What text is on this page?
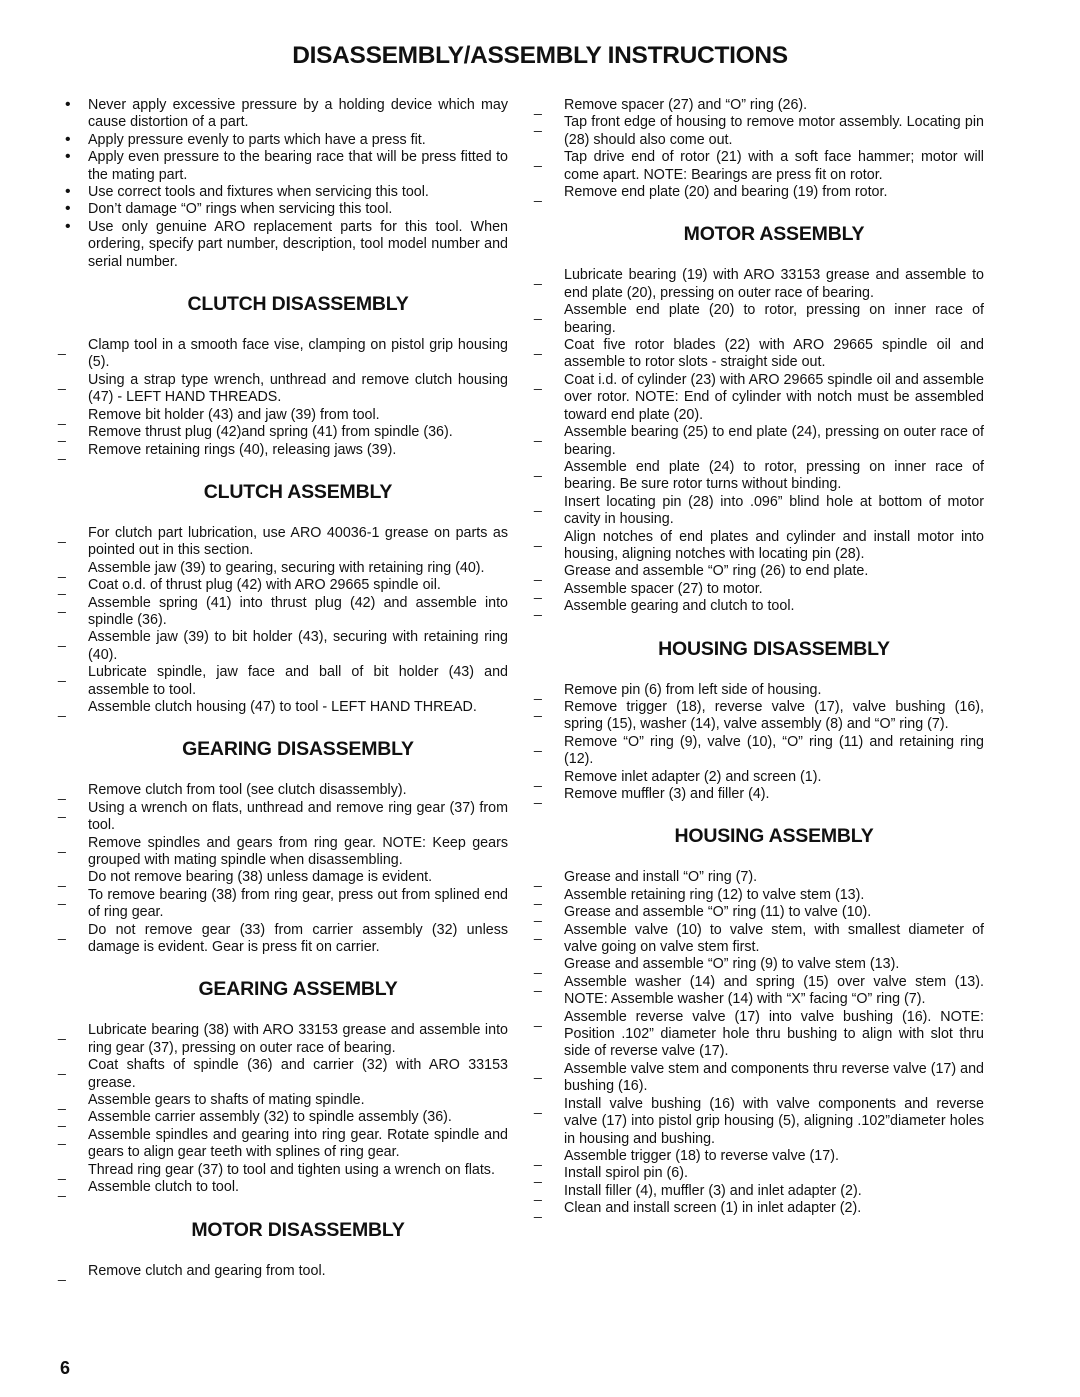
DISASSEMBLY/ASSEMBLY INSTRUCTIONS
• Never apply excessive pressure by a holding device which may cause distortion of a part.
• Apply pressure evenly to parts which have a press fit.
• Apply even pressure to the bearing race that will be press fitted to the mating part.
• Use correct tools and fixtures when servicing this tool.
• Don’t damage “O” rings when servicing this tool.
• Use only genuine ARO replacement parts for this tool. When ordering, specify part number, description, tool model number and serial number.
CLUTCH DISASSEMBLY
_ Clamp tool in a smooth face vise, clamping on pistol grip housing (5).
_ Using a strap type wrench, unthread and remove clutch housing (47) - LEFT HAND THREADS.
_ Remove bit holder (43) and jaw (39) from tool.
_ Remove thrust plug (42)and spring (41) from spindle (36).
_ Remove retaining rings (40), releasing jaws (39).
CLUTCH ASSEMBLY
_ For clutch part lubrication, use ARO 40036-1 grease on parts as pointed out in this section.
_ Assemble jaw (39) to gearing, securing with retaining ring (40).
_ Coat o.d. of thrust plug (42) with ARO 29665 spindle oil.
_ Assemble spring (41) into thrust plug (42) and assemble into spindle (36).
_ Assemble jaw (39) to bit holder (43), securing with retaining ring (40).
_ Lubricate spindle, jaw face and ball of bit holder (43) and assemble to tool.
_ Assemble clutch housing (47) to tool - LEFT HAND THREAD.
GEARING DISASSEMBLY
_ Remove clutch from tool (see clutch disassembly).
_ Using a wrench on flats, unthread and remove ring gear (37) from tool.
_ Remove spindles and gears from ring gear. NOTE: Keep gears grouped with mating spindle when disassembling.
_ Do not remove bearing (38) unless damage is evident.
_ To remove bearing (38) from ring gear, press out from splined end of ring gear.
_ Do not remove gear (33) from carrier assembly (32) unless damage is evident. Gear is press fit on carrier.
GEARING ASSEMBLY
_ Lubricate bearing (38) with ARO 33153 grease and assemble into ring gear (37), pressing on outer race of bearing.
_ Coat shafts of spindle (36) and carrier (32) with ARO 33153 grease.
_ Assemble gears to shafts of mating spindle.
_ Assemble carrier assembly (32) to spindle assembly (36).
_ Assemble spindles and gearing into ring gear. Rotate spindle and gears to align gear teeth with splines of ring gear.
_ Thread ring gear (37) to tool and tighten using a wrench on flats.
_ Assemble clutch to tool.
MOTOR DISASSEMBLY
_ Remove clutch and gearing from tool.
_ Remove spacer (27) and “O” ring (26).
_ Tap front edge of housing to remove motor assembly. Locating pin (28) should also come out.
_ Tap drive end of rotor (21) with a soft face hammer; motor will come apart. NOTE: Bearings are press fit on rotor.
_ Remove end plate (20) and bearing (19) from rotor.
MOTOR ASSEMBLY
_ Lubricate bearing (19) with ARO 33153 grease and assemble to end plate (20), pressing on outer race of bearing.
_ Assemble end plate (20) to rotor, pressing on inner race of bearing.
_ Coat five rotor blades (22) with ARO 29665 spindle oil and assemble to rotor slots - straight side out.
_ Coat i.d. of cylinder (23) with ARO 29665 spindle oil and assemble over rotor. NOTE: End of cylinder with notch must be assembled toward end plate (20).
_ Assemble bearing (25) to end plate (24), pressing on outer race of bearing.
_ Assemble end plate (24) to rotor, pressing on inner race of bearing. Be sure rotor turns without binding.
_ Insert locating pin (28) into .096” blind hole at bottom of motor cavity in housing.
_ Align notches of end plates and cylinder and install motor into housing, aligning notches with locating pin (28).
_ Grease and assemble “O” ring (26) to end plate.
_ Assemble spacer (27) to motor.
_ Assemble gearing and clutch to tool.
HOUSING DISASSEMBLY
_ Remove pin (6) from left side of housing.
_ Remove trigger (18), reverse valve (17), valve bushing (16), spring (15), washer (14), valve assembly (8) and “O” ring (7).
_ Remove “O” ring (9), valve (10), “O” ring (11) and retaining ring (12).
_ Remove inlet adapter (2) and screen (1).
_ Remove muffler (3) and filler (4).
HOUSING ASSEMBLY
_ Grease and install “O” ring (7).
_ Assemble retaining ring (12) to valve stem (13).
_ Grease and assemble “O” ring (11) to valve (10).
_ Assemble valve (10) to valve stem, with smallest diameter of valve going on valve stem first.
_ Grease and assemble “O” ring (9) to valve stem (13).
_ Assemble washer (14) and spring (15) over valve stem (13). NOTE: Assemble washer (14) with “X” facing “O” ring (7).
_ Assemble reverse valve (17) into valve bushing (16). NOTE: Position .102” diameter hole thru bushing to align with slot thru side of reverse valve (17).
_ Assemble valve stem and components thru reverse valve (17) and bushing (16).
_ Install valve bushing (16) with valve components and reverse valve (17) into pistol grip housing (5), aligning .102”diameter holes in housing and bushing.
_ Assemble trigger (18) to reverse valve (17).
_ Install spirol pin (6).
_ Install filler (4), muffler (3) and inlet adapter (2).
_ Clean and install screen (1) in inlet adapter (2).
6
